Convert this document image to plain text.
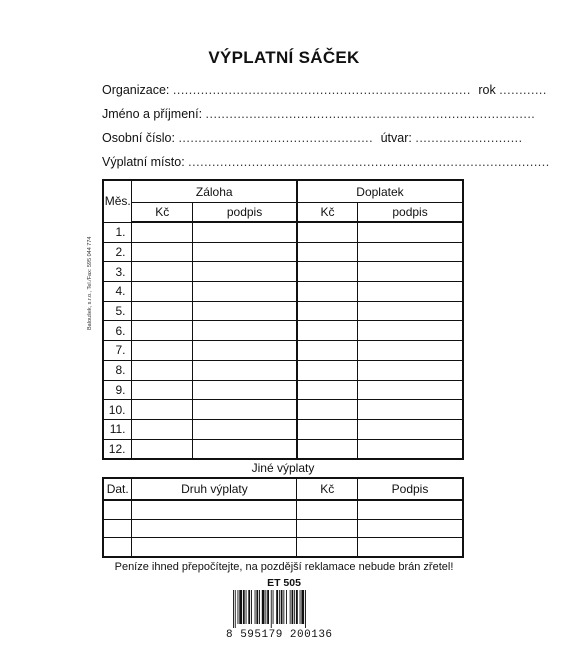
VÝPLATNÍ SÁČEK
Organizace: ........................................................................... rok ............
Jméno a příjmení: ...................................................................................
Osobní číslo: ................................................. útvar: ...........................
Výplatní místo: ...........................................................................................
Baloušek, s.r.o., Tel./Fax: 595 044 774
Měs.	Záloha		Doplatek	
	Kč	podpis	Kč	podpis
1.				
2.				
3.				
4.				
5.				
6.				
7.				
8.				
9.				
10.				
11.				
12.				
Jiné výplaty
Dat.	Druh výplaty	Kč	Podpis

Peníze ihned přepočítejte, na pozdější reklamace nebude brán zřetel!
ET 505
8 595179 200136
